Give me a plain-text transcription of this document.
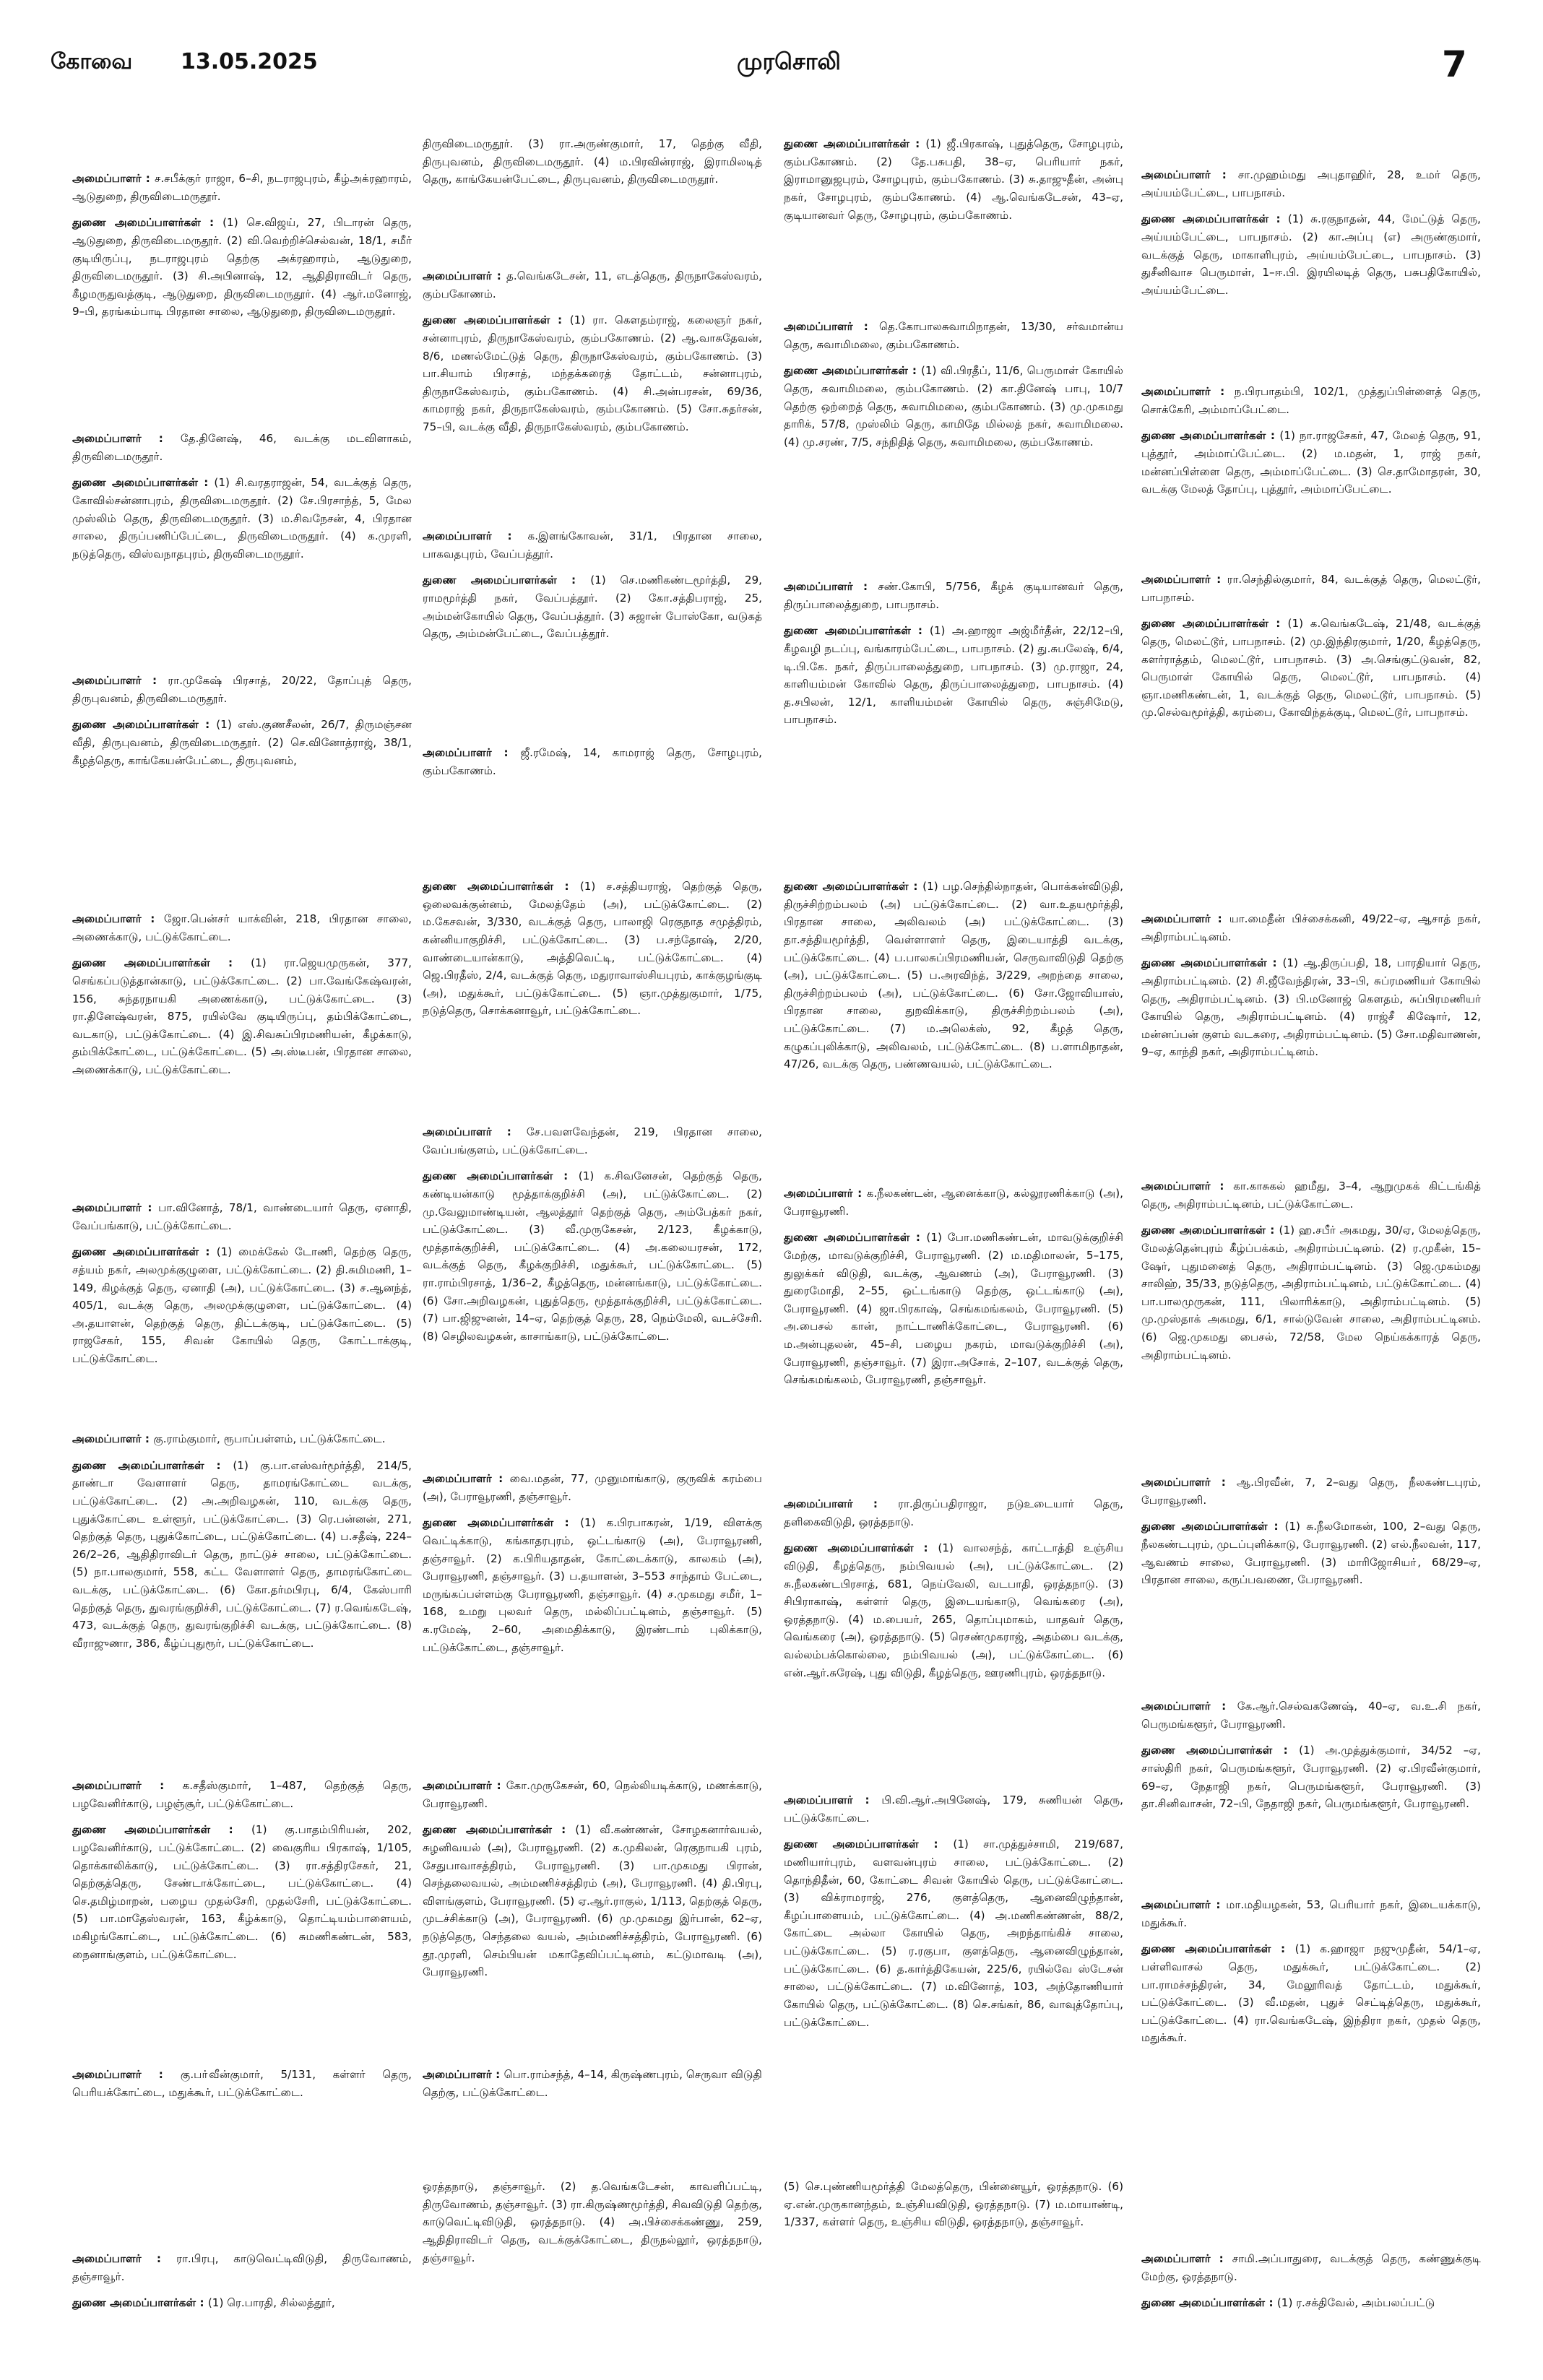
கோவை 13.05.2025	முரசொலி	7

அமைப்பாளர் : ச.சபீக்குர் ராஜா, 6–சி, நடராஜபுரம், கீழ்அக்ரஹாரம், ஆடுதுறை, திருவிடைமருதூர்.

துணை அமைப்பாளர்கள் : (1) செ.விஜய், 27, பிடாரன் தெரு, ஆடுதுறை, திருவிடைமருதூர். (2) வி.வெற்றிச்செல்வன், 18/1, சமீர் குடியிருப்பு, நடராஜபுரம் தெற்கு அக்ரஹாரம், ஆடுதுறை, திருவிடைமருதூர். (3) சி.அபினாஷ், 12, ஆதிதிராவிடர் தெரு, கீழமருதுவத்குடி, ஆடுதுறை, திருவிடைமருதூர். (4) ஆர்.மனோஜ், 9–பி, தரங்கம்பாடி பிரதான சாலை, ஆடுதுறை, திருவிடைமருதூர்.

அமைப்பாளர் : தே.தினேஷ், 46, வடக்கு மடவிளாகம், திருவிடைமருதூர்.

துணை அமைப்பாளர்கள் : (1) சி.வரதராஜன், 54, வடக்குத் தெரு, கோவில்சன்னாபுரம், திருவிடைமருதூர். (2) சே.பிரசாந்த், 5, மேல முஸ்லிம் தெரு, திருவிடைமருதூர். (3) ம.சிவநேசன், 4, பிரதான சாலை, திருப்பணிப்பேட்டை, திருவிடைமருதூர். (4) க.முரளி, நடுத்தெரு, விஸ்வநாதபுரம், திருவிடைமருதூர்.

அமைப்பாளர் : ரா.முகேஷ் பிரசாத், 20/22, தோப்புத் தெரு, திருபுவனம், திருவிடைமருதூர்.

துணை அமைப்பாளர்கள் : (1) எஸ்.குணசீலன், 26/7, திருமஞ்சன வீதி, திருபுவனம், திருவிடைமருதூர். (2) செ.வினோத்ராஜ், 38/1, கீழத்தெரு, காங்கேயன்பேட்டை, திருபுவனம்,

திருவிடைமருதூர். (3) ரா.அருண்குமார், 17, தெற்கு வீதி, திருபுவனம், திருவிடைமருதூர். (4) ம.பிரவின்ராஜ், இராமிலடித் தெரு, காங்கேயன்பேட்டை, திருபுவனம், திருவிடைமருதூர்.

அமைப்பாளர் : த.வெங்கடேசன், 11, எடத்தெரு, திருநாகேஸ்வரம், கும்பகோணம்.

துணை அமைப்பாளர்கள் : (1) ரா. கௌதம்ராஜ், கலைஞர் நகர், சன்னாபுரம், திருநாகேஸ்வரம், கும்பகோணம். (2) ஆ.வாசுதேவன், 8/6, மணல்மேட்டுத் தெரு, திருநாகேஸ்வரம், கும்பகோணம். (3) பா.சியாம் பிரசாத், மந்தக்கரைத் தோட்டம், சன்னாபுரம், திருநாகேஸ்வரம், கும்பகோணம். (4) சி.அன்பரசன், 69/36, காமராஜ் நகர், திருநாகேஸ்வரம், கும்பகோணம். (5) சோ.சுதர்சன், 75–பி, வடக்கு வீதி, திருநாகேஸ்வரம், கும்பகோணம்.

அமைப்பாளர் : க.இளங்கோவன், 31/1, பிரதான சாலை, பாகவதபுரம், வேப்பத்தூர்.

துணை அமைப்பாளர்கள் : (1) செ.மணிகண்டமூர்த்தி, 29, ராமமூர்த்தி நகர், வேப்பத்தூர். (2) கோ.சத்திபராஜ், 25, அம்மன்கோயில் தெரு, வேப்பத்தூர். (3) சுஜான் போஸ்கோ, வடுகத் தெரு, அம்மன்பேட்டை, வேப்பத்தூர்.

அமைப்பாளர் : ஜீ.ரமேஷ், 14, காமராஜ் தெரு, சோழபுரம், கும்பகோணம்.

துணை அமைப்பாளர்கள் : (1) ஜீ.பிரகாஷ், புதுத்தெரு, சோழபுரம், கும்பகோணம். (2) தே.பசுபதி, 38–ஏ, பெரியார் நகர், இராமானுஜபுரம், சோழபுரம், கும்பகோணம். (3) சு.தாஜுதீன், அன்பு நகர், சோழபுரம், கும்பகோணம். (4) ஆ.வெங்கடேசன், 43–ஏ, குடியானவர் தெரு, சோழபுரம், கும்பகோணம்.

அமைப்பாளர் : தெ.கோபாலசுவாமிநாதன், 13/30, சர்வமான்ய தெரு, சுவாமிமலை, கும்பகோணம்.

துணை அமைப்பாளர்கள் : (1) வி.பிரதீப், 11/6, பெருமாள் கோயில் தெரு, சுவாமிமலை, கும்பகோணம். (2) கா.தினேஷ் பாபு, 10/7 தெற்கு ஒற்றைத் தெரு, சுவாமிமலை, கும்பகோணம். (3) மு.முகமது தாரிக், 57/8, முஸ்லிம் தெரு, காமிதே மில்லத் நகர், சுவாமிமலை. (4) மு.சரண், 7/5, சந்நிதித் தெரு, சுவாமிமலை, கும்பகோணம்.

அமைப்பாளர் : சண்.கோபி, 5/756, கீழக் குடியானவர் தெரு, திருப்பாலைத்துறை, பாபநாசம்.

துணை அமைப்பாளர்கள் : (1) அ.ஹாஜா அஜ்மீர்தீன், 22/12–பி, கீழவழி நடப்பு, வங்காரம்பேட்டை, பாபநாசம். (2) து.சுபலேஷ், 6/4, டி.பி.கே. நகர், திருப்பாலைத்துறை, பாபநாசம். (3) மு.ராஜா, 24, காளியம்மன் கோவில் தெரு, திருப்பாலைத்துறை, பாபநாசம். (4) த.சபிலன், 12/1, காளியம்மன் கோயில் தெரு, சுஞ்சிமேடு, பாபநாசம்.

அமைப்பாளர் : சா.முஹம்மது அபுதாஹிர், 28, உமர் தெரு, அய்யம்பேட்டை, பாபநாசம்.

துணை அமைப்பாளர்கள் : (1) சு.ரகுநாதன், 44, மேட்டுத் தெரு, அய்யம்பேட்டை, பாபநாசம். (2) கா.அப்பு (எ) அருண்குமார், வடக்குத் தெரு, மாகாளிபுரம், அய்யம்பேட்டை, பாபநாசம். (3) துசீனிவாச பெருமாள், 1–ஈ.பி. இரயிலடித் தெரு, பசுபதிகோயில், அய்யம்பேட்டை.

அமைப்பாளர் : ந.பிரபாதம்பி, 102/1, முத்துப்பிள்ளைத் தெரு, சொக்கேரி, அம்மாப்பேட்டை.

துணை அமைப்பாளர்கள் : (1) நா.ராஜசேகர், 47, மேலத் தெரு, 91, புத்தூர், அம்மாப்பேட்டை. (2) ம.மதன், 1, ராஜ் நகர், மன்னப்பிள்ளை தெரு, அம்மாப்பேட்டை. (3) செ.தாமோதரன், 30, வடக்கு மேலத் தோப்பு, புத்தூர், அம்மாப்பேட்டை.

அமைப்பாளர் : ரா.செந்தில்குமார், 84, வடக்குத் தெரு, மெலட்டூர், பாபநாசம்.

துணை அமைப்பாளர்கள் : (1) க.வெங்கடேஷ், 21/48, வடக்குத் தெரு, மெலட்டூர், பாபநாசம். (2) மு.இந்திரகுமார், 1/20, கீழத்தெரு, களர்ராத்தம், மெலட்டூர், பாபநாசம். (3) அ.செங்குட்டுவன், 82, பெருமாள் கோயில் தெரு, மெலட்டூர், பாபநாசம். (4) ஞா.மணிகண்டன், 1, வடக்குத் தெரு, மெலட்டூர், பாபநாசம். (5) மு.செல்வமூர்த்தி, கரம்பை, கோவிந்தக்குடி, மெலட்டூர், பாபநாசம்.

அமைப்பாளர் : ஜோ.பென்சர் யாக்வின், 218, பிரதான சாலை, அணைக்காடு, பட்டுக்கோட்டை.

துணை அமைப்பாளர்கள் : (1) ரா.ஜெயமுருகன், 377, செங்கப்படுத்தான்காடு, பட்டுக்கோட்டை. (2) பா.வேங்கேஷ்வரன், 156, சுந்தரநாயகி அணைக்காடு, பட்டுக்கோட்டை. (3) ரா.தினேஷ்வரன், 875, ரயில்வே குடியிருப்பு, தம்பிக்கோட்டை, வடகாடு, பட்டுக்கோட்டை. (4) இ.சிவசுப்பிரமணியன், கீழக்காடு, தம்பிக்கோட்டை, பட்டுக்கோட்டை. (5) அ.ஸ்டீபன், பிரதான சாலை, அணைக்காடு, பட்டுக்கோட்டை.

அமைப்பாளர் : பா.வினோத், 78/1, வாண்டையார் தெரு, ஏனாதி, வேப்பங்காடு, பட்டுக்கோட்டை.

துணை அமைப்பாளர்கள் : (1) மைக்கேல் டோணி, தெற்கு தெரு, சத்யம் நகர், அலமுக்குழுளை, பட்டுக்கோட்டை. (2) தி.சுமிமணி, 1–149, கிழக்குத் தெரு, ஏனாதி (அ), பட்டுக்கோட்டை. (3) ச.ஆனந்த், 405/1, வடக்கு தெரு, அலமுக்குழுளை, பட்டுக்கோட்டை. (4) அ.தயாளன், தெற்குத் தெரு, திட்டக்குடி, பட்டுக்கோட்டை. (5) ராஜசேகர், 155, சிவன் கோயில் தெரு, கோட்டாக்குடி, பட்டுக்கோட்டை.

அமைப்பாளர் : கு.ராம்குமார், ரூபாப்பள்ளம், பட்டுக்கோட்டை.

துணை அமைப்பாளர்கள் : (1) கு.பா.எஸ்வர்மூர்த்தி, 214/5, தாண்டா வேளாளர் தெரு, தாமரங்கோட்டை வடக்கு, பட்டுக்கோட்டை. (2) அ.அறிவழகன், 110, வடக்கு தெரு, புதுக்கோட்டை உள்ளூர், பட்டுக்கோட்டை. (3) ரெ.பன்னன், 271, தெற்குத் தெரு, புதுக்கோட்டை, பட்டுக்கோட்டை. (4) ப.சதீஷ், 224–26/2–26, ஆதிதிராவிடர் தெரு, நாட்டுச் சாலை, பட்டுக்கோட்டை. (5) நா.பாலகுமார், 558, கட்ட வேளாளர் தெரு, தாமரங்கோட்டை வடக்கு, பட்டுக்கோட்டை. (6) கோ.தர்மபிரபு, 6/4, கேஸ்பாரி தெற்குத் தெரு, துவரங்குறிச்சி, பட்டுக்கோட்டை. (7) ர.வெங்கடேஷ், 473, வடக்குத் தெரு, துவரங்குறிச்சி வடக்கு, பட்டுக்கோட்டை. (8) வீராஜுணா, 386, கீழ்ப்புதுரூர், பட்டுக்கோட்டை.

அமைப்பாளர் : க.சதீஸ்குமார், 1–487, தெற்குத் தெரு, பழவேனிர்காடு, பழஞ்சூர், பட்டுக்கோட்டை.

துணை அமைப்பாளர்கள் : (1) கு.பாதம்பிரியன், 202, பழவேனிர்காடு, பட்டுக்கோட்டை. (2) வைகுரிய பிரகாஷ், 1/105, தொக்காலிக்காடு, பட்டுக்கோட்டை. (3) ரா.சத்திரசேகர், 21, தெற்குத்தெரு, சேண்டாக்கோட்டை, பட்டுக்கோட்டை. (4) செ.தமிழ்மாறன், பழைய முதல்சேரி, முதல்சேரி, பட்டுக்கோட்டை. (5) பா.மாதேஸ்வரன், 163, கீழ்க்காடு, தொட்டியம்பாளையம், மகிழங்கோட்டை, பட்டுக்கோட்டை. (6) சுமணிகண்டன், 583, நைனாங்குளம், பட்டுக்கோட்டை.

அமைப்பாளர் : கு.பா்வீன்குமார், 5/131, கள்ளர் தெரு, பெரியக்கோட்டை, மதுக்கூர், பட்டுக்கோட்டை.

துணை அமைப்பாளர்கள் : (1) ச.சத்தியராஜ், தெற்குத் தெரு, ஒலைவக்குன்னம், மேலத்தேம் (அ), பட்டுக்கோட்டை. (2) ம.கேசவன், 3/330, வடக்குத் தெரு, பாலாஜி ரெகுநாத சமுத்திரம், கன்னியாகுறிச்சி, பட்டுக்கோட்டை. (3) ப.சந்தோஷ், 2/20, வாண்டையான்காடு, அத்திவெட்டி, பட்டுக்கோட்டை. (4) ஜெ.பிரதீஸ், 2/4, வடக்குத் தெரு, மதுராவாஸ்சியபுரம், காக்குழங்குடி (அ), மதுக்கூர், பட்டுக்கோட்டை. (5) ஞா.முத்துகுமார், 1/75, நடுத்தெரு, சொக்கனாவூர், பட்டுக்கோட்டை.

அமைப்பாளர் : சே.பவளவேந்தன், 219, பிரதான சாலை, வேப்பங்குளம், பட்டுக்கோட்டை.

துணை அமைப்பாளர்கள் : (1) க.சிவனேசன், தெற்குத் தெரு, கண்டியன்காடு மூத்தாக்குறிச்சி (அ), பட்டுக்கோட்டை. (2) மு.வேலுமாண்டியன், ஆலத்தூர் தெற்குத் தெரு, அம்பேத்கர் நகர், பட்டுக்கோட்டை. (3) வீ.முருகேசன், 2/123, கீழக்காடு, மூத்தாக்குறிச்சி, பட்டுக்கோட்டை. (4) அ.கலையரசன், 172, வடக்குத் தெரு, கீழக்குறிச்சி, மதுக்கூர், பட்டுக்கோட்டை. (5) ரா.ராம்பிரசாத், 1/36–2, கீழத்தெரு, மன்னங்காடு, பட்டுக்கோட்டை. (6) சோ.அறிவழகன், புதுத்தெரு, மூத்தாக்குறிச்சி, பட்டுக்கோட்டை. (7) பா.ஜிஜுனன், 14–ஏ, தெற்குத் தெரு, 28, நெம்மேலி, வடச்சேரி. (8) செழிலவழகன், காசாங்காடு, பட்டுக்கோட்டை.

அமைப்பாளர் : வை.மதன், 77, முனுமாங்காடு, குருவிக் கரம்பை (அ), பேராவூரணி, தஞ்சாவூர்.

துணை அமைப்பாளர்கள் : (1) க.பிரபாகரன், 1/19, விளக்கு வெட்டிக்காடு, கங்காதரபுரம், ஒட்டங்காடு (அ), பேராவூரணி, தஞ்சாவூர். (2) க.பிரியதாதன், கோட்டைக்காடு, காலகம் (அ), பேராவூரணி, தஞ்சாவூர். (3) ப.தயாளன், 3–553 சாந்தாம் பேட்டை, மருங்கப்பள்ளம்கு பேராவூரணி, தஞ்சாவூர். (4) ச.முகமது சமீர், 1–168, உமறு புலவர் தெரு, மல்லிப்பட்டினம், தஞ்சாவூர். (5) க.ரமேஷ், 2–60, அமைதிக்காடு, இரண்டாம் புலிக்காடு, பட்டுக்கோட்டை, தஞ்சாவூர்.

அமைப்பாளர் : கோ.முருகேசன், 60, நெல்லியடிக்காடு, மணக்காடு, பேராவூரணி.

துணை அமைப்பாளர்கள் : (1) வீ.கண்ணன், சோழகனார்வயல், சுழனிவயல் (அ), பேராவூரணி. (2) க.முகிலன், ரெகுநாயகி புரம், சேதுபாவாசத்திரம், பேராவூரணி. (3) பா.முகமது பிரான், செந்தலைவயல், அம்மணிச்சத்திரம் (அ), பேராவூரணி. (4) தி.பிரபு, விளங்குளம், பேராவூரணி. (5) ஏ.ஆர்.ராகுல், 1/113, தெற்குத் தெரு, முடச்சிக்காடு (அ), பேராவூரணி. (6) மு.முகமது இர்பான், 62–ஏ, நடுத்தெரு, செந்தலை வயல், அம்மணிச்சத்திரம், பேராவூரணி. (6) தூ.முரளி, செம்பியன் மகாதேவிப்பட்டினம், கட்டுமாவடி (அ), பேராவூரணி.

அமைப்பாளர் : பொ.ராம்சந்த், 4–14, கிருஷ்ணபுரம், செருவா விடுதி தெற்கு, பட்டுக்கோட்டை.

துணை அமைப்பாளர்கள் : (1) பழ.செந்தில்நாதன், பொக்கன்விடுதி, திருச்சிற்றம்பலம் (அ) பட்டுக்கோட்டை. (2) வா.உதயமூர்த்தி, பிரதான சாலை, அலிவலம் (அ) பட்டுக்கோட்டை. (3) தா.சத்தியமூர்த்தி, வெள்ளாளர் தெரு, இடையாத்தி வடக்கு, பட்டுக்கோட்டை. (4) ப.பாலசுப்பிரமணியன், செருவாவிடுதி தெற்கு (அ), பட்டுக்கோட்டை. (5) ப.அரவிந்த், 3/229, அறந்தை சாலை, திருச்சிற்றம்பலம் (அ), பட்டுக்கோட்டை. (6) சோ.ஜோவியாஸ், பிரதான சாலை, துறவிக்காடு, திருச்சிற்றம்பலம் (அ), பட்டுக்கோட்டை. (7) ம.அலெக்ஸ், 92, கீழத் தெரு, கழுகப்புலிக்காடு, அலிவலம், பட்டுக்கோட்டை. (8) ப.ளாமிநாதன், 47/26, வடக்கு தெரு, பண்ணவயல், பட்டுக்கோட்டை.

அமைப்பாளர் : க.நீலகண்டன், ஆனைக்காடு, கல்லூரணிக்காடு (அ), பேராவூரணி.

துணை அமைப்பாளர்கள் : (1) போ.மணிகண்டன், மாவடுக்குறிச்சி மேற்கு, மாவடுக்குறிச்சி, பேராவூரணி. (2) ம.மதிமாலன், 5–175, துலுக்கர் விடுதி, வடக்கு, ஆவணம் (அ), பேராவூரணி. (3) துரைமோதி, 2–55, ஒட்டங்காடு தெற்கு, ஒட்டங்காடு (அ), பேராவூரணி. (4) ஜா.பிரகாஷ், செங்கமங்கலம், பேராவூரணி. (5) அ.பைசல் கான், நாட்டாணிக்கோட்டை, பேராவூரணி. (6) ம.அன்புதலன், 45–சி, பழைய நகரம், மாவடுக்குறிச்சி (அ), பேராவூரணி, தஞ்சாவூர். (7) இரா.அசோக், 2–107, வடக்குத் தெரு, செங்கமங்கலம், பேராவூரணி, தஞ்சாவூர்.

அமைப்பாளர் : ரா.திருப்பதிராஜா, நடுஉடையார் தெரு, தளிகைவிடுதி, ஒரத்தநாடு.

துணை அமைப்பாளர்கள் : (1) வாலசந்த், காட்டாத்தி உஞ்சிய விடுதி, கீழத்தெரு, நம்பிவயல் (அ), பட்டுக்கோட்டை. (2) சு.நீலகண்டபிரசாத், 681, நெய்வேலி, வடபாதி, ஒரத்தநாடு. (3) சிபிராகாஷ், கள்ளர் தெரு, இடையங்காடு, வெங்கரை (அ), ஒரத்தநாடு. (4) ம.பையர், 265, தொப்புமாகம், யாதவர் தெரு, வெங்கரை (அ), ஒரத்தநாடு. (5) ரெசண்முகராஜ், அதம்பை வடக்கு, வல்லம்பக்கொல்லை, நம்பிவயல் (அ), பட்டுக்கோட்டை. (6) என்.ஆர்.சுரேஷ், புது விடுதி, கீழத்தெரு, ஊரணிபுரம், ஒரத்தநாடு.

அமைப்பாளர் : பி.வி.ஆர்.அபினேஷ், 179, சுணியன் தெரு, பட்டுக்கோட்டை.

துணை அமைப்பாளர்கள் : (1) சா.முத்துச்சாமி, 219/687, மணியார்புரம், வளவன்புரம் சாலை, பட்டுக்கோட்டை. (2) தொந்திதீன், 60, கோட்டை சிவன் கோயில் தெரு, பட்டுக்கோட்டை. (3) விக்ராமராஜ், 276, குளத்தெரு, ஆனைவிழுந்தான், கீழப்பாளையம், பட்டுக்கோட்டை. (4) அ.மணிகண்ணன், 88/2, கோட்டை அல்லா கோயில் தெரு, அறந்தாங்கிச் சாலை, பட்டுக்கோட்டை. (5) ர.ரகுபா, குளத்தெரு, ஆனைவிழுந்தான், பட்டுக்கோட்டை. (6) த.கார்த்திகேயன், 225/6, ரயில்வே ஸ்டேசன் சாலை, பட்டுக்கோட்டை. (7) ம.வினோத், 103, அந்தோணியார் கோயில் தெரு, பட்டுக்கோட்டை. (8) செ.சங்கர், 86, வாவுத்தோப்பு, பட்டுக்கோட்டை.

அமைப்பாளர் : யா.மைதீன் பிச்சைக்கனி, 49/22–ஏ, ஆசாத் நகர், அதிராம்பட்டினம்.

துணை அமைப்பாளர்கள் : (1) ஆ.திருப்பதி, 18, பாரதியார் தெரு, அதிராம்பட்டினம். (2) சி.ஜீவேந்திரன், 33–பி, சுப்ரமணியர் கோயில் தெரு, அதிராம்பட்டினம். (3) பி.மனோஜ் கௌதம், சுப்பிரமணியர் கோயில் தெரு, அதிராம்பட்டினம். (4) ராஜ்சீ கிஷோர், 12, மன்னப்பன் குளம் வடகரை, அதிராம்பட்டினம். (5) சோ.மதிவாணன், 9–ஏ, காந்தி நகர், அதிராம்பட்டினம்.

அமைப்பாளர் : கா.காசுகல் ஹமீது, 3–4, ஆறுமுகக் கிட்டங்கித் தெரு, அதிராம்பட்டினம், பட்டுக்கோட்டை.

துணை அமைப்பாளர்கள் : (1) ஹ.சபீர் அகமது, 30/ஏ, மேலத்தெரு, மேலத்தென்புரம் கீழ்ப்பக்கம், அதிராம்பட்டினம். (2) ர.முகீன், 15–ஷேர், புதுமனைத் தெரு, அதிராம்பட்டினம். (3) ஜெ.முகம்மது சாலிஹ், 35/33, நடுத்தெரு, அதிராம்பட்டினம், பட்டுக்கோட்டை. (4) பா.பாலமுருகன், 111, பிலாரிக்காடு, அதிராம்பட்டினம். (5) மு.முஸ்தாக் அகமது, 6/1, சால்டுவேன் சாலை, அதிராம்பட்டினம். (6) ஜெ.முகமது பைசல், 72/58, மேல நெய்கக்காரத் தெரு, அதிராம்பட்டினம்.

அமைப்பாளர் : ஆ.பிரவீன், 7, 2–வது தெரு, நீலகண்டபுரம், பேராவூரணி.

துணை அமைப்பாளர்கள் : (1) சு.நீலமோகன், 100, 2–வது தெரு, நீலகண்டபுரம், முடப்புளிக்காடு, பேராவூரணி. (2) எல்.நீலவன், 117, ஆவணம் சாலை, பேராவூரணி. (3) மாரிஜோசியா், 68/29–ஏ, பிரதான சாலை, கருப்பவணை, பேராவூரணி.

அமைப்பாளர் : கே.ஆர்.செல்வகணேஷ், 40–ஏ, வ.உ.சி நகர், பெருமங்களூர், பேராவூரணி.

துணை அமைப்பாளர்கள் : (1) அ.முத்துக்குமார், 34/52 –ஏ, சாஸ்திரி நகர், பெருமங்களூர், பேராவூரணி. (2) ஏ.பிரவீன்குமார், 69–ஏ, நேதாஜி நகர், பெருமங்களூர், பேராவூரணி. (3) தா.சினிவாசன், 72–பி, நேதாஜி நகர், பெருமங்களூர், பேராவூரணி.

அமைப்பாளர் : மா.மதியழகன், 53, பெரியார் நகர், இடையக்காடு, மதுக்கூர்.

துணை அமைப்பாளர்கள் : (1) க.ஹாஜா நஜுமுதீன், 54/1–ஏ, பள்ளிவாசல் தெரு, மதுக்கூர், பட்டுக்கோட்டை. (2) பா.ராமச்சந்திரன், 34, மேலூரிவத் தோட்டம், மதுக்கூர், பட்டுக்கோட்டை. (3) வீ.மதன், புதுச் செட்டித்தெரு, மதுக்கூர், பட்டுக்கோட்டை. (4) ரா.வெங்கடேஷ், இந்திரா நகர், முதல் தெரு, மதுக்கூர்.

அமைப்பாளர் : ரா.பிரபு, காடுவெட்டிவிடுதி, திருவோணம், தஞ்சாவூர்.

துணை அமைப்பாளர்கள் : (1) ரெ.பாரதி, சில்லத்தூர்,

ஒரத்தநாடு, தஞ்சாவூர். (2) த.வெங்கடேசன், காவளிப்பட்டி, திருவோணம், தஞ்சாவூர். (3) ரா.கிருஷ்ணமூர்த்தி, சிவவிடுதி தெற்கு, காடுவெட்டிவிடுதி, ஒரத்தநாடு. (4) அ.பிச்சைக்கண்ணு, 259, ஆதிதிராவிடர் தெரு, வடக்குக்கோட்டை, திருநல்லூர், ஒரத்தநாடு, தஞ்சாவூர்.

(5) செ.புண்ணியமூர்த்தி மேலத்தெரு, பின்னையூர், ஒரத்தநாடு. (6) ஏ.என்.முருகானந்தம், உஞ்சியவிடுதி, ஒரத்தநாடு. (7) ம.மாயாண்டி, 1/337, கள்ளர் தெரு, உஞ்சிய விடுதி, ஒரத்தநாடு, தஞ்சாவூர்.

அமைப்பாளர் : சாமி.அப்பாதுரை, வடக்குத் தெரு, கண்ணுக்குடி மேற்கு, ஒரத்தநாடு.

துணை அமைப்பாளர்கள் : (1) ர.சக்திவேல், அம்பலப்பட்டு
